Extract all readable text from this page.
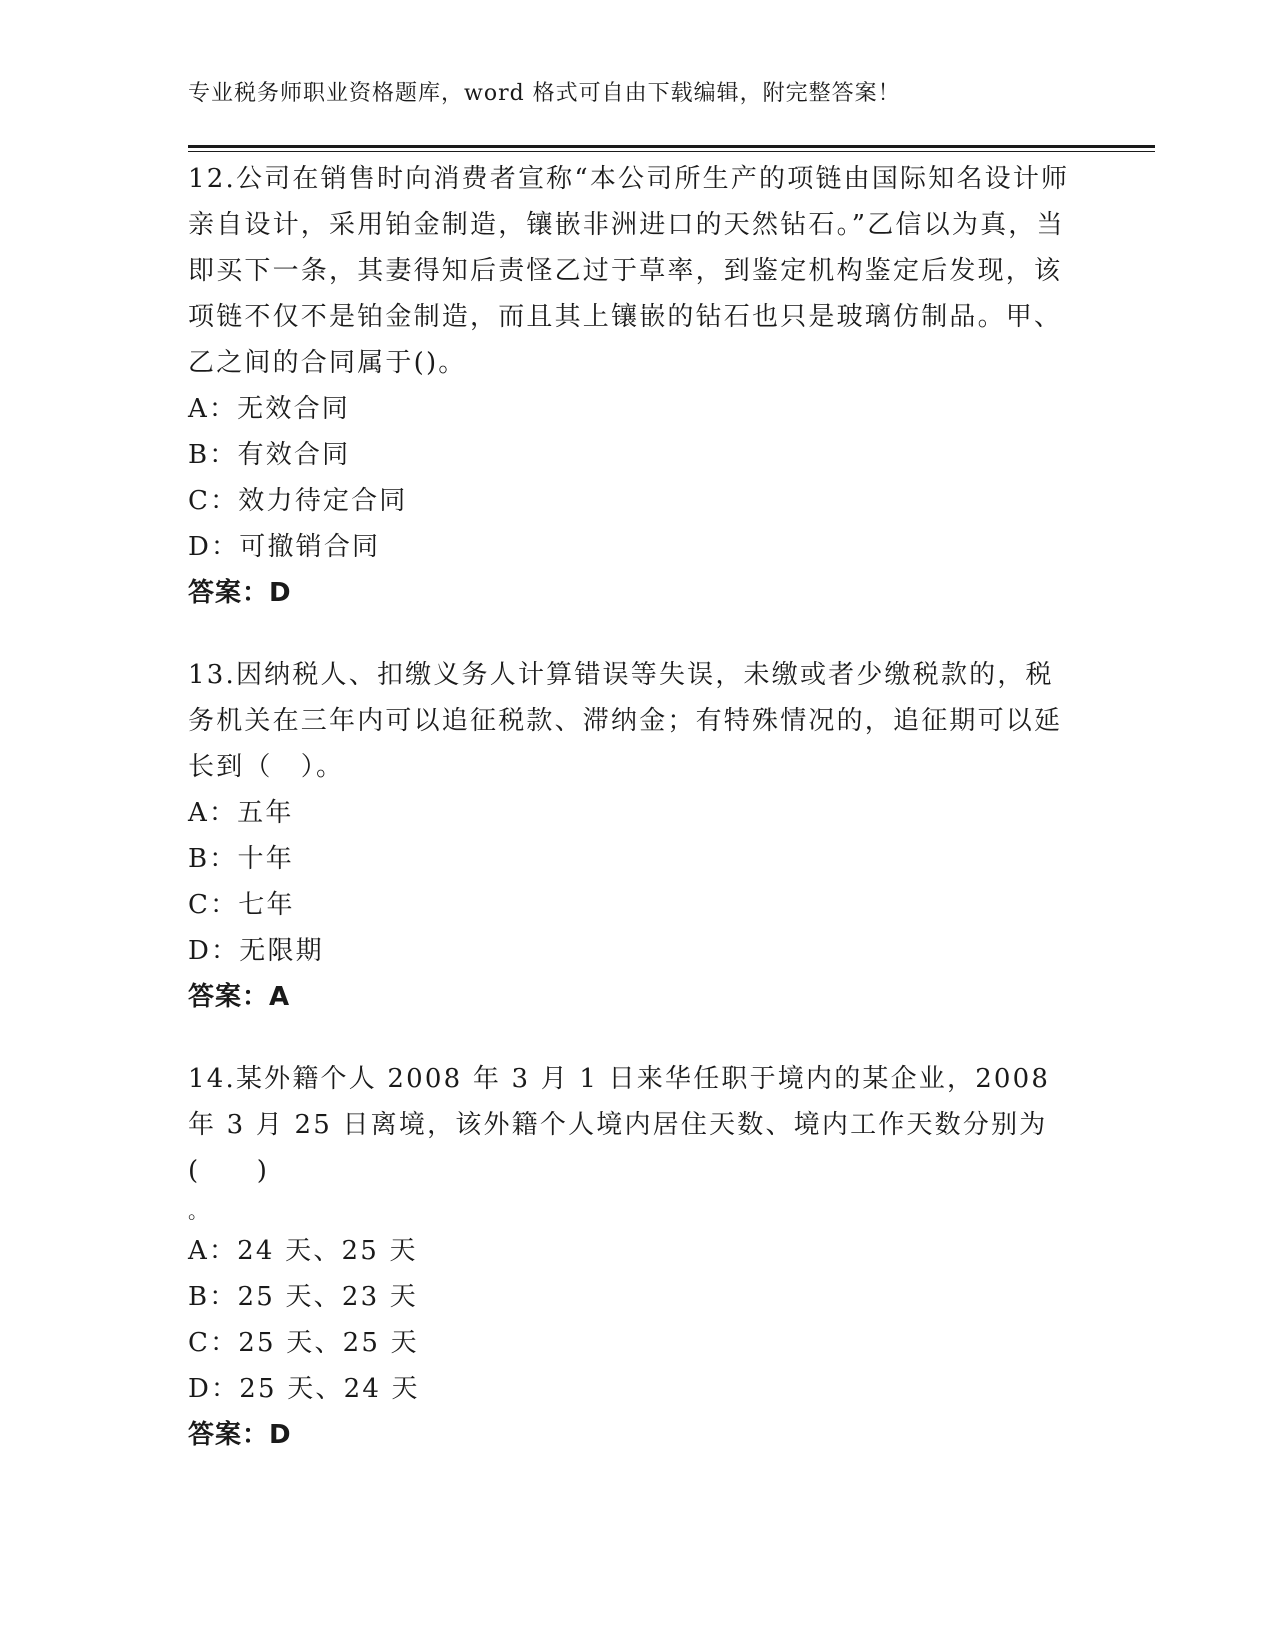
专业税务师职业资格题库，word 格式可自由下载编辑，附完整答案！

12.公司在销售时向消费者宣称“本公司所生产的项链由国际知名设计师亲自设计，采用铂金制造，镶嵌非洲进口的天然钻石。”乙信以为真，当即买下一条，其妻得知后责怪乙过于草率，到鉴定机构鉴定后发现，该项链不仅不是铂金制造，而且其上镶嵌的钻石也只是玻璃仿制品。甲、乙之间的合同属于()。

A：无效合同
B：有效合同
C：效力待定合同
D：可撤销合同
答案：D

13.因纳税人、扣缴义务人计算错误等失误，未缴或者少缴税款的，税务机关在三年内可以追征税款、滞纳金；有特殊情况的，追征期可以延长到（　）。

A：五年
B：十年
C：七年
D：无限期
答案：A

14.某外籍个人 2008 年 3 月 1 日来华任职于境内的某企业，2008 年 3 月 25 日离境，该外籍个人境内居住天数、境内工作天数分别为(　　)

。

A：24 天、25 天
B：25 天、23 天
C：25 天、25 天
D：25 天、24 天
答案：D
